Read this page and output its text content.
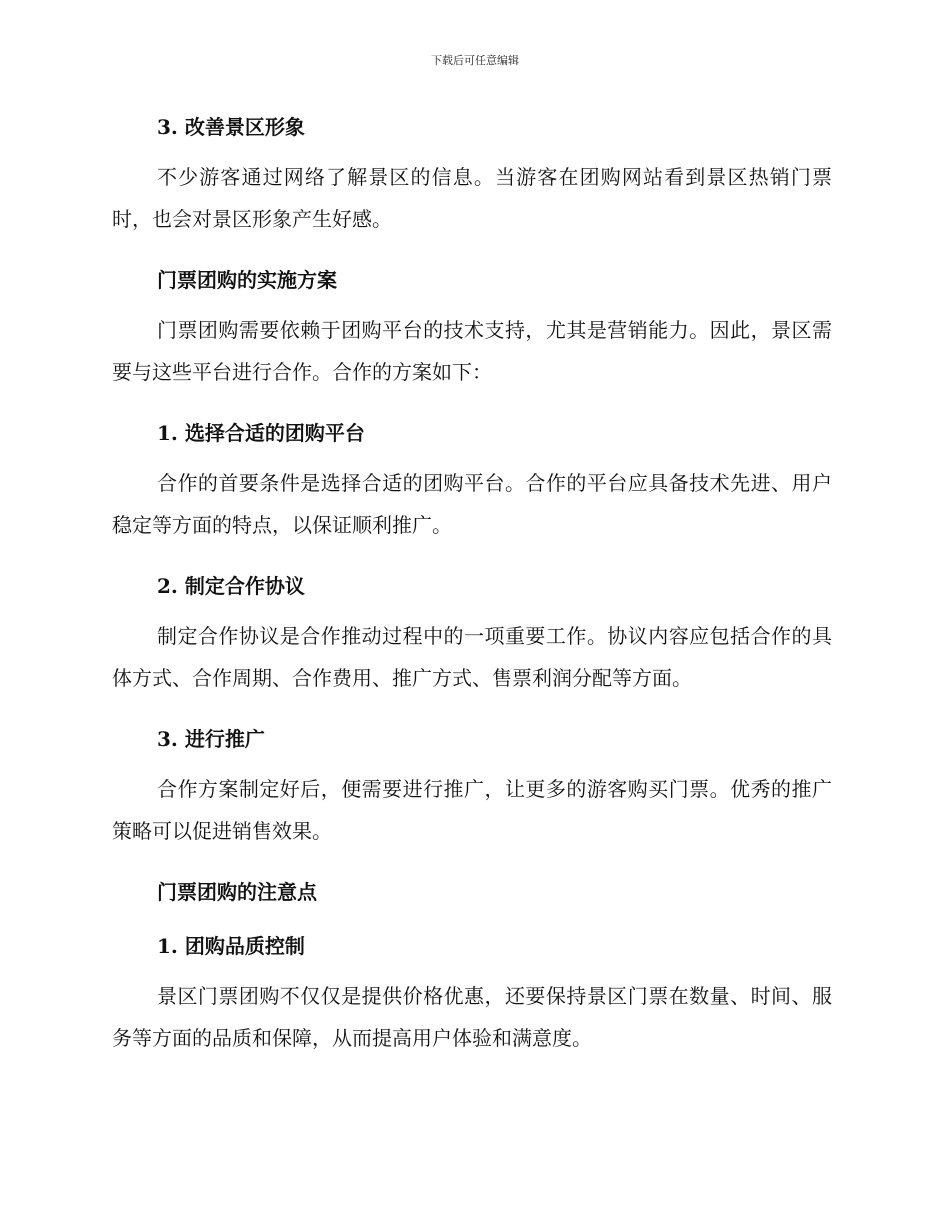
下载后可任意编辑
3. 改善景区形象

不少游客通过网络了解景区的信息。当游客在团购网站看到景区热销门票时，也会对景区形象产生好感。

门票团购的实施方案

门票团购需要依赖于团购平台的技术支持，尤其是营销能力。因此，景区需要与这些平台进行合作。合作的方案如下：

1. 选择合适的团购平台

合作的首要条件是选择合适的团购平台。合作的平台应具备技术先进、用户稳定等方面的特点，以保证顺利推广。

2. 制定合作协议

制定合作协议是合作推动过程中的一项重要工作。协议内容应包括合作的具体方式、合作周期、合作费用、推广方式、售票利润分配等方面。

3. 进行推广

合作方案制定好后，便需要进行推广，让更多的游客购买门票。优秀的推广策略可以促进销售效果。

门票团购的注意点
1. 团购品质控制

景区门票团购不仅仅是提供价格优惠，还要保持景区门票在数量、时间、服务等方面的品质和保障，从而提高用户体验和满意度。
